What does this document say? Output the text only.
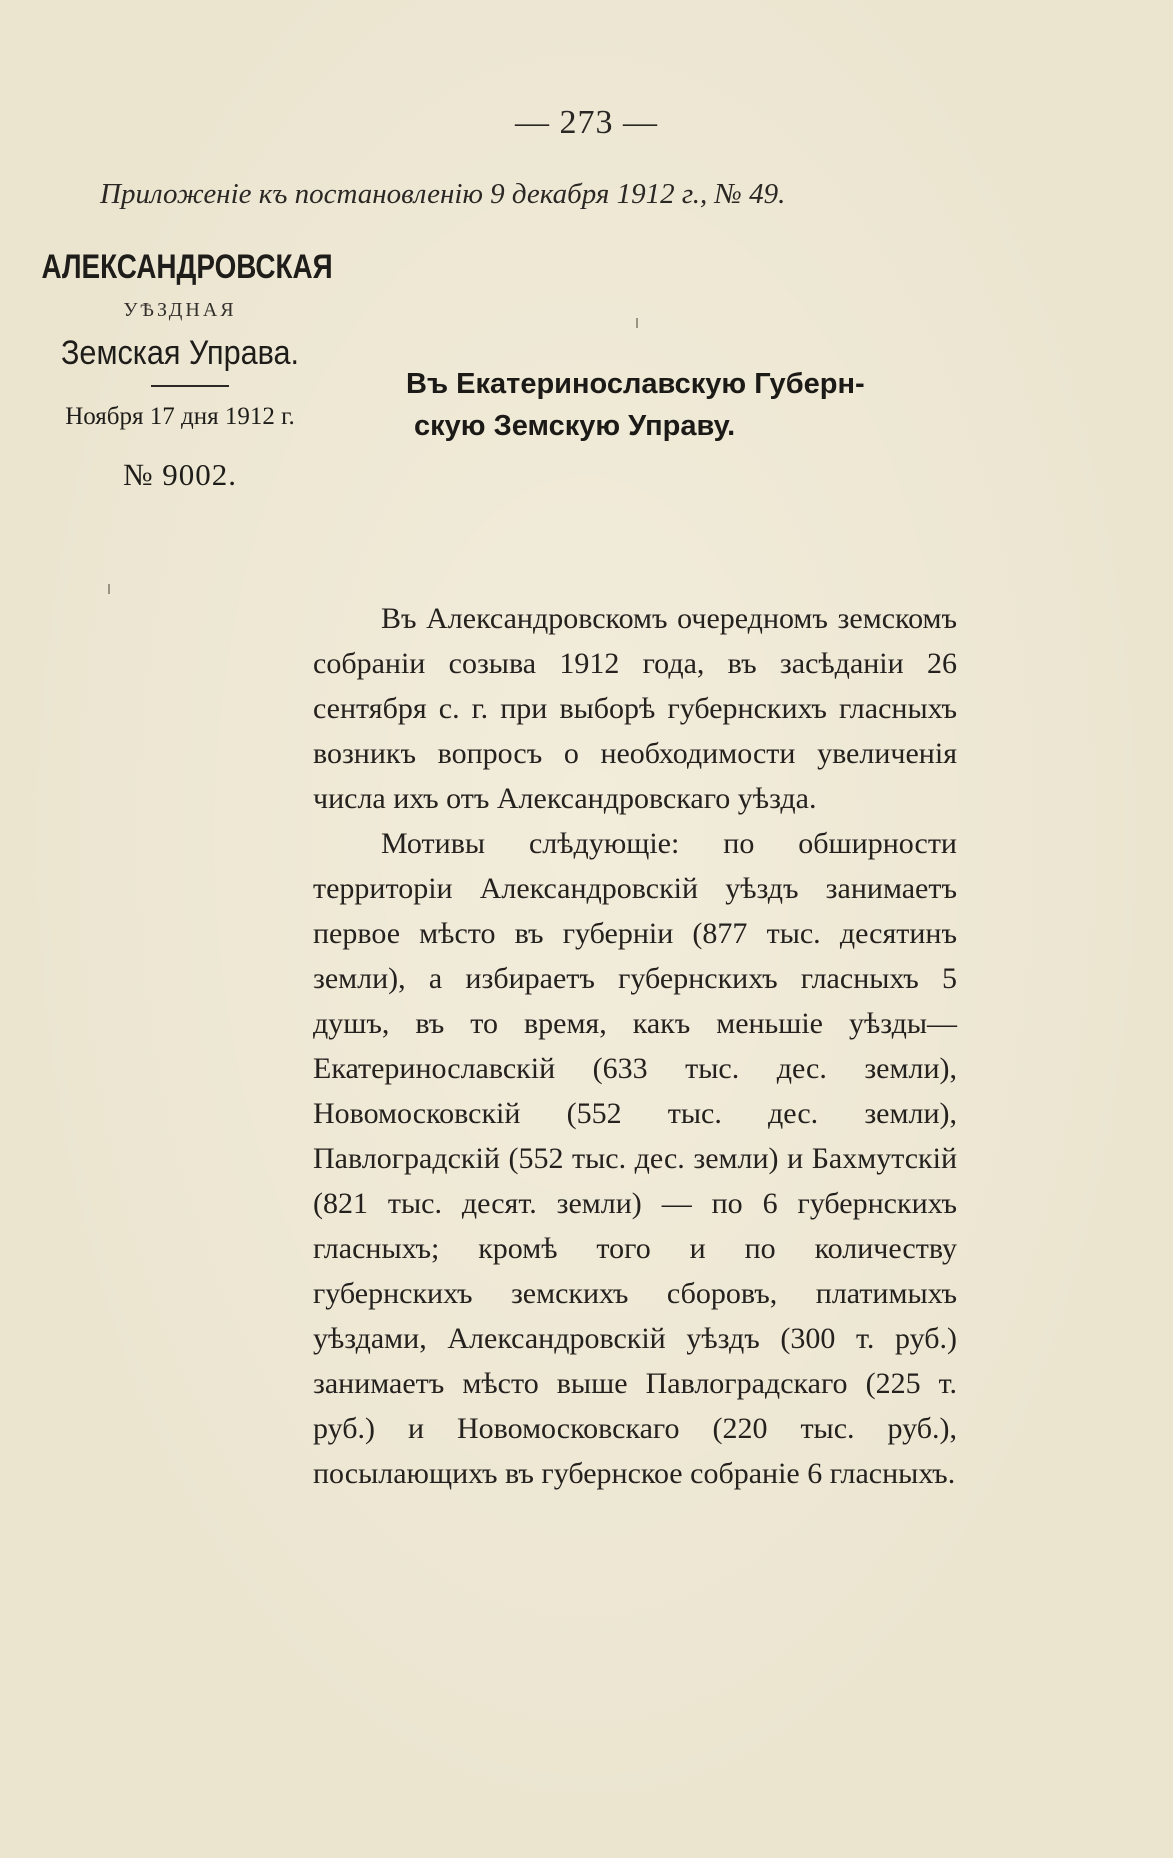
— 273 —
Приложеніе къ постановленію 9 декабря 1912 г., № 49.
АЛЕКСАНДРОВСКАЯ
УѢЗДНАЯ
Земская Управа.
Ноября 17 дня 1912 г.
№ 9002.
Въ Екатеринославскую Губерн-
скую Земскую Управу.

Въ Александровскомъ очередномъ земскомъ собраніи созыва 1912 года, въ засѣданіи 26 сентября с. г. при выборѣ губернскихъ гласныхъ возникъ вопросъ о необходимости увеличенія числа ихъ отъ Александровскаго уѣзда.

Мотивы слѣдующіе: по обширности территоріи Александровскій уѣздъ занимаетъ первое мѣсто въ губерніи (877 тыс. десятинъ земли), а избираетъ губернскихъ гласныхъ 5 душъ, въ то время, какъ меньшіе уѣзды—Екатеринославскій (633 тыс. дес. земли), Новомосковскій (552 тыс. дес. земли), Павлоградскій (552 тыс. дес. земли) и Бахмутскій (821 тыс. десят. земли) — по 6 губернскихъ гласныхъ; кромѣ того и по количеству губернскихъ земскихъ сборовъ, платимыхъ уѣздами, Александровскій уѣздъ (300 т. руб.) занимаетъ мѣсто выше Павлоградскаго (225 т. руб.) и Новомосковскаго (220 тыс. руб.), посылающихъ въ губернское собраніе 6 гласныхъ.
